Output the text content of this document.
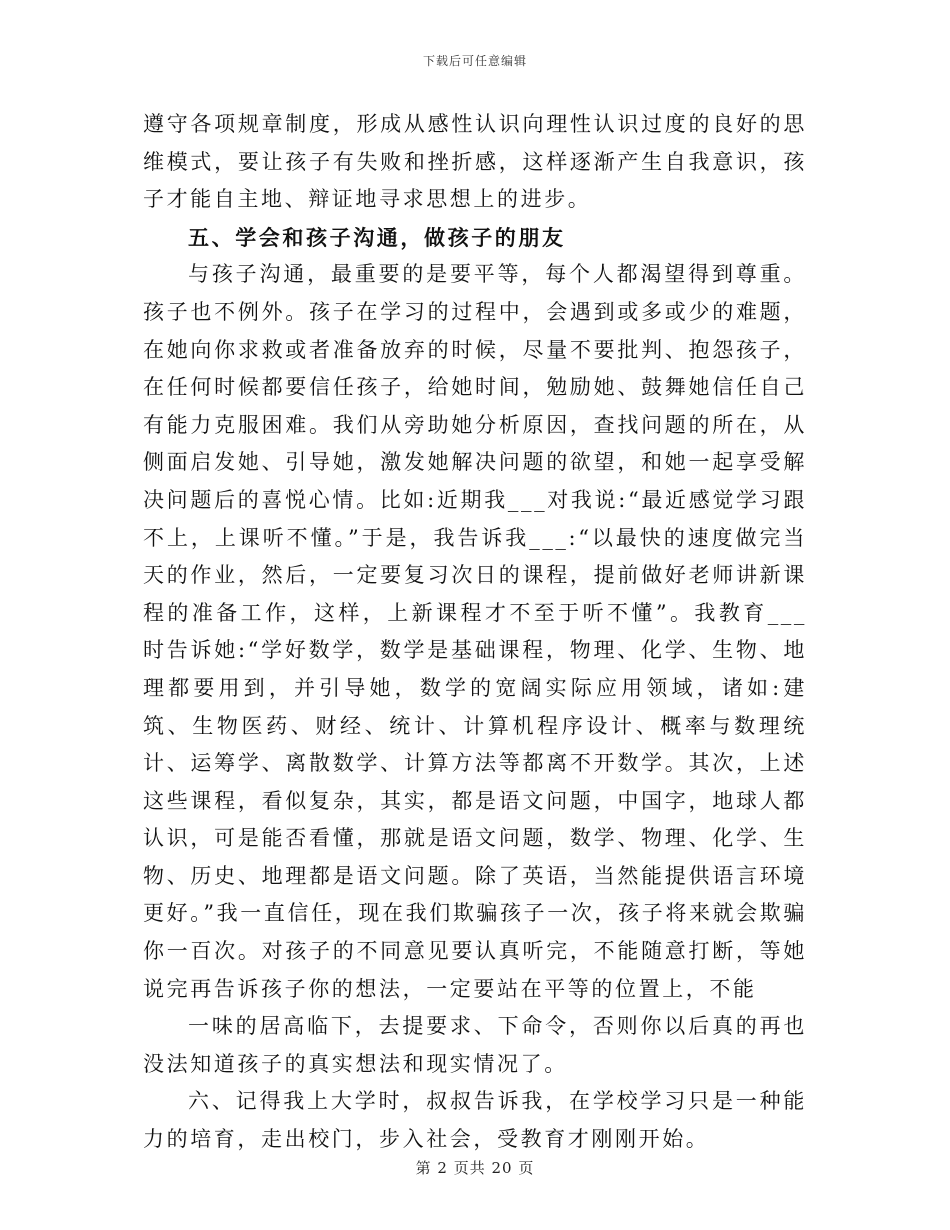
下载后可任意编辑

遵守各项规章制度，形成从感性认识向理性认识过度的良好的思维模式，要让孩子有失败和挫折感，这样逐渐产生自我意识，孩子才能自主地、辩证地寻求思想上的进步。

五、学会和孩子沟通，做孩子的朋友

与孩子沟通，最重要的是要平等，每个人都渴望得到尊重。孩子也不例外。孩子在学习的过程中，会遇到或多或少的难题，在她向你求救或者准备放弃的时候，尽量不要批判、抱怨孩子，在任何时候都要信任孩子，给她时间，勉励她、鼓舞她信任自己有能力克服困难。我们从旁助她分析原因，查找问题的所在，从侧面启发她、引导她，激发她解决问题的欲望，和她一起享受解决问题后的喜悦心情。比如:近期我___对我说:“最近感觉学习跟不上，上课听不懂。”于是，我告诉我___:“以最快的速度做完当天的作业，然后，一定要复习次日的课程，提前做好老师讲新课程的准备工作，这样，上新课程才不至于听不懂”。我教育___时告诉她:“学好数学，数学是基础课程，物理、化学、生物、地理都要用到，并引导她，数学的宽阔实际应用领域，诸如:建筑、生物医药、财经、统计、计算机程序设计、概率与数理统计、运筹学、离散数学、计算方法等都离不开数学。其次，上述这些课程，看似复杂，其实，都是语文问题，中国字，地球人都认识，可是能否看懂，那就是语文问题，数学、物理、化学、生物、历史、地理都是语文问题。除了英语，当然能提供语言环境更好。”我一直信任，现在我们欺骗孩子一次，孩子将来就会欺骗你一百次。对孩子的不同意见要认真听完，不能随意打断，等她说完再告诉孩子你的想法，一定要站在平等的位置上，不能

一味的居高临下，去提要求、下命令，否则你以后真的再也没法知道孩子的真实想法和现实情况了。

六、记得我上大学时，叔叔告诉我，在学校学习只是一种能力的培育，走出校门，步入社会，受教育才刚刚开始。

第 2 页共 20 页
